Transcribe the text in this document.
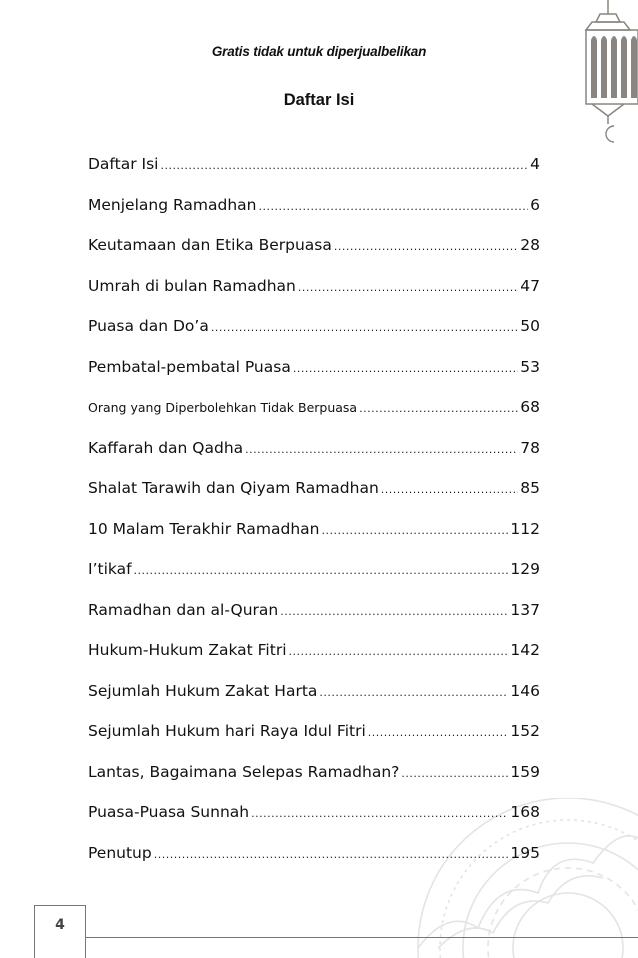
Gratis tidak untuk diperjualbelikan
Daftar Isi
Daftar Isi .....	4
Menjelang Ramadhan .....	6
Keutamaan dan Etika Berpuasa .....	28
Umrah di bulan Ramadhan .....	47
Puasa dan Do’a .....	50
Pembatal-pembatal Puasa .....	53
Orang yang Diperbolehkan Tidak Berpuasa .....	68
Kaffarah dan Qadha .....	78
Shalat Tarawih dan Qiyam Ramadhan .....	85
10 Malam Terakhir Ramadhan .....	112
I’tikaf .....	129
Ramadhan dan al-Quran .....	137
Hukum-Hukum Zakat Fitri .....	142
Sejumlah Hukum Zakat Harta .....	146
Sejumlah Hukum hari Raya Idul Fitri .....	152
Lantas, Bagaimana Selepas Ramadhan? .....	159
Puasa-Puasa Sunnah .....	168
Penutup .....	195
4
